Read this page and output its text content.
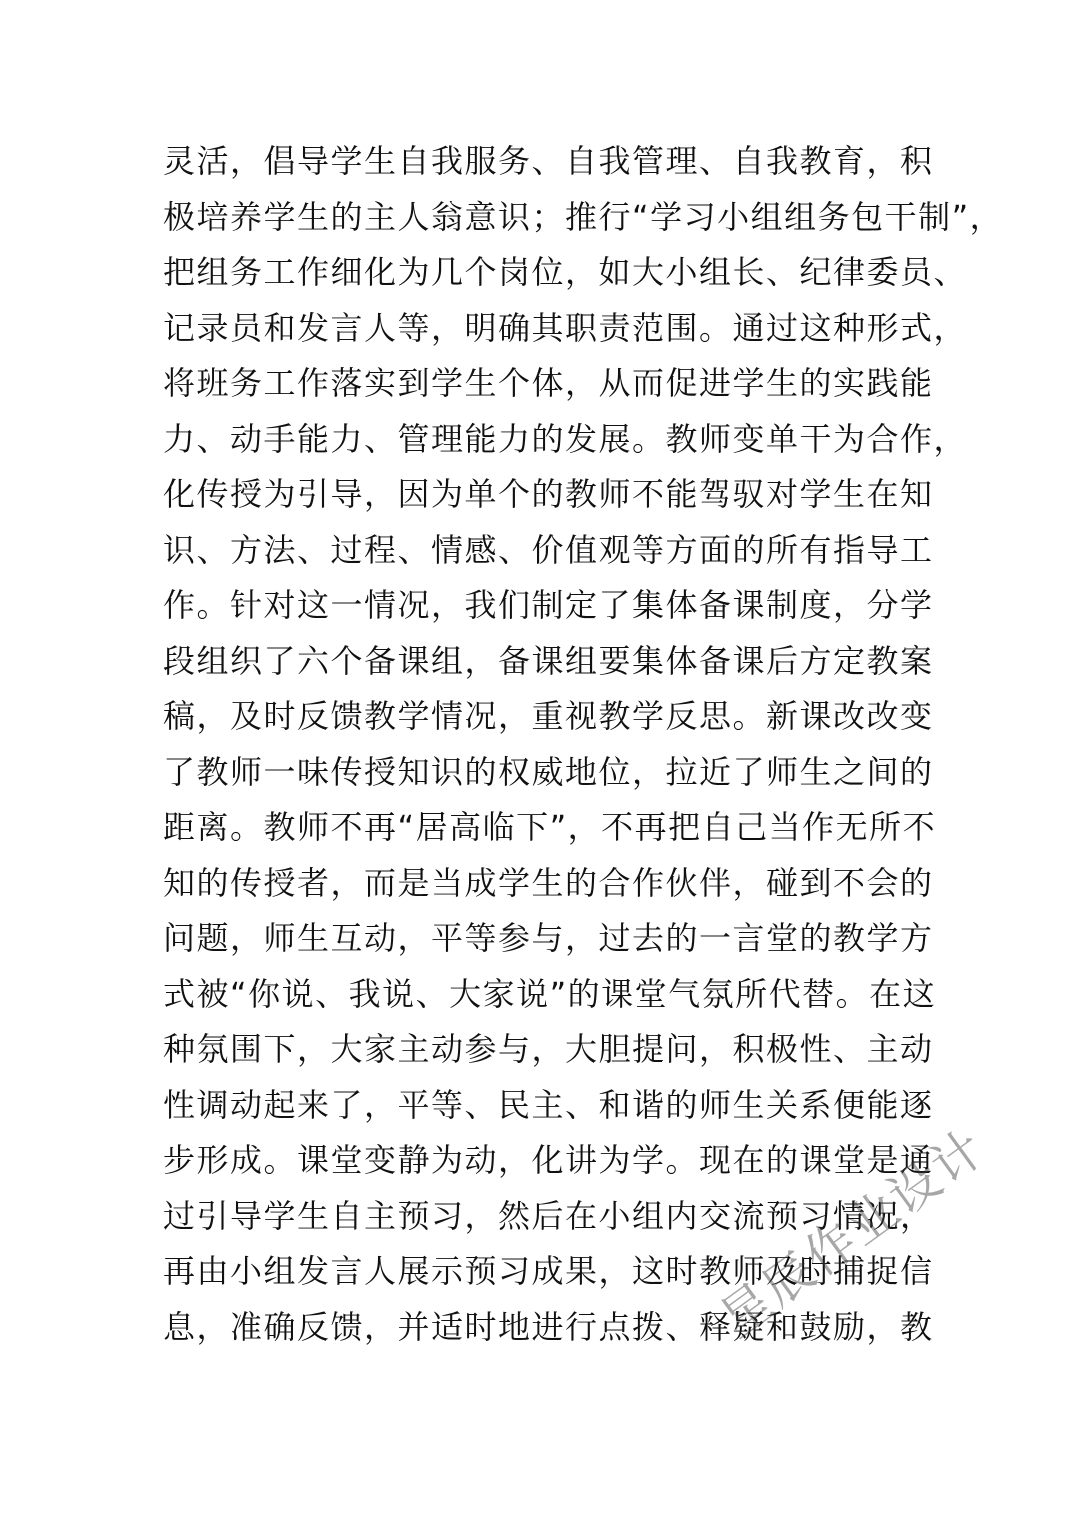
灵活，倡导学生自我服务、自我管理、自我教育，积
极培养学生的主人翁意识；推行“学习小组组务包干制”，
把组务工作细化为几个岗位，如大小组长、纪律委员、
记录员和发言人等，明确其职责范围。通过这种形式，
将班务工作落实到学生个体，从而促进学生的实践能
力、动手能力、管理能力的发展。教师变单干为合作，
化传授为引导，因为单个的教师不能驾驭对学生在知
识、方法、过程、情感、价值观等方面的所有指导工
作。针对这一情况，我们制定了集体备课制度，分学
段组织了六个备课组，备课组要集体备课后方定教案
稿，及时反馈教学情况，重视教学反思。新课改改变
了教师一味传授知识的权威地位，拉近了师生之间的
距离。教师不再“居高临下”，不再把自己当作无所不
知的传授者，而是当成学生的合作伙伴，碰到不会的
问题，师生互动，平等参与，过去的一言堂的教学方
式被“你说、我说、大家说”的课堂气氛所代替。在这
种氛围下，大家主动参与，大胆提问，积极性、主动
性调动起来了，平等、民主、和谐的师生关系便能逐
步形成。课堂变静为动，化讲为学。现在的课堂是通
过引导学生自主预习，然后在小组内交流预习情况，
再由小组发言人展示预习成果，这时教师及时捕捉信
息，准确反馈，并适时地进行点拨、释疑和鼓励，教
星辰作业设计
